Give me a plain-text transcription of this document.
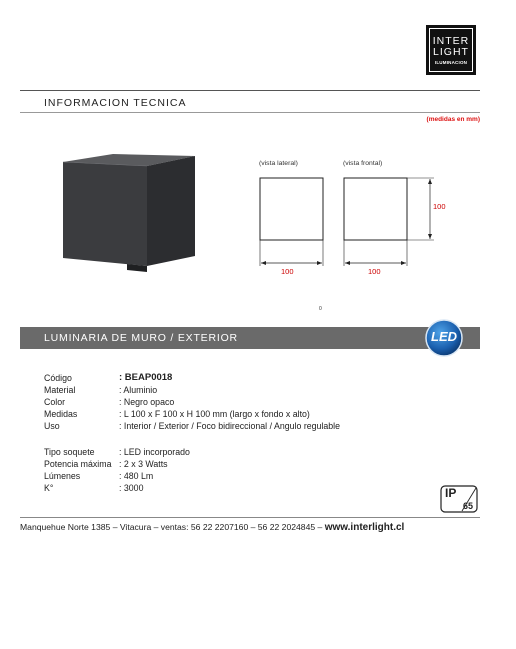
INTER
LIGHT
ILUMINACION
INFORMACION TECNICA
(medidas en mm)
(vista lateral)	(vista frontal)
100	100
100
0
LUMINARIA DE MURO / EXTERIOR	LED
Código	: BEAP0018
Material	: Aluminio
Color	: Negro opaco
Medidas	: L 100 x F 100 x H 100 mm (largo x fondo x alto)
Uso	: Interior / Exterior / Foco bidireccional / Angulo regulable
Tipo soquete	: LED incorporado
Potencia máxima : 2 x 3 Watts
Lúmenes	: 480 Lm
K°	: 3000	IP
65
Manquehue Norte 1385 – Vitacura – ventas: 56 22 2207160 – 56 22 2024845 – www.interlight.cl
